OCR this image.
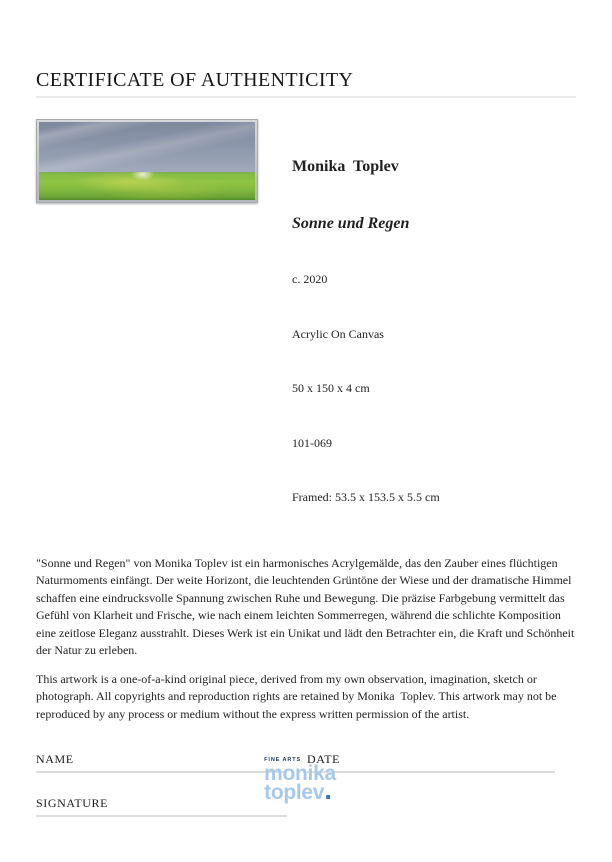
CERTIFICATE OF AUTHENTICITY

Monika  Toplev

Sonne und Regen

c. 2020

Acrylic On Canvas

50 x 150 x 4 cm

101-069

Framed: 53.5 x 153.5 x 5.5 cm

"Sonne und Regen" von Monika Toplev ist ein harmonisches Acrylgemälde, das den Zauber eines flüchtigen Naturmoments einfängt. Der weite Horizont, die leuchtenden Grüntöne der Wiese und der dramatische Himmel schaffen eine eindrucksvolle Spannung zwischen Ruhe und Bewegung. Die präzise Farbgebung vermittelt das Gefühl von Klarheit und Frische, wie nach einem leichten Sommerregen, während die schlichte Komposition eine zeitlose Eleganz ausstrahlt. Dieses Werk ist ein Unikat und lädt den Betrachter ein, die Kraft und Schönheit der Natur zu erleben.

This artwork is a one-of-a-kind original piece, derived from my own observation, imagination, sketch or photograph. All copyrights and reproduction rights are retained by Monika  Toplev. This artwork may not be reproduced by any process or medium without the express written permission of the artist.

NAME	DATE
SIGNATURE
FINE ARTS
monika
toplev
